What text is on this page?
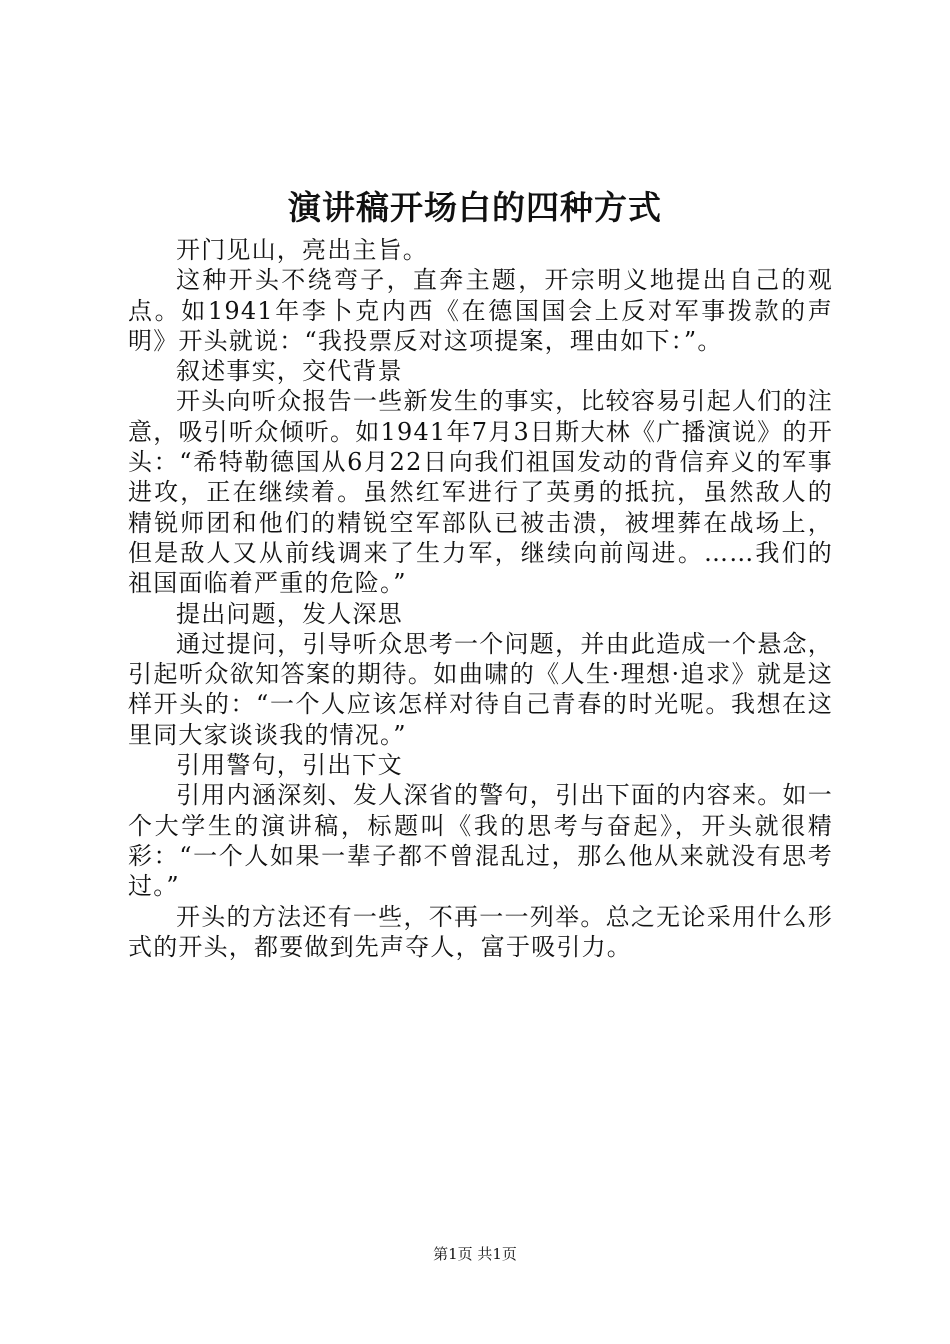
演讲稿开场白的四种方式

开门见山，亮出主旨。

这种开头不绕弯子，直奔主题，开宗明义地提出自己的观点。如1941年李卜克内西《在德国国会上反对军事拨款的声明》开头就说：“我投票反对这项提案，理由如下：”。

叙述事实，交代背景

开头向听众报告一些新发生的事实，比较容易引起人们的注意，吸引听众倾听。如1941年7月3日斯大林《广播演说》的开头：“希特勒德国从6月22日向我们祖国发动的背信弃义的军事进攻，正在继续着。虽然红军进行了英勇的抵抗，虽然敌人的精锐师团和他们的精锐空军部队已被击溃，被埋葬在战场上，但是敌人又从前线调来了生力军，继续向前闯进。……我们的祖国面临着严重的危险。”

提出问题，发人深思

通过提问，引导听众思考一个问题，并由此造成一个悬念，引起听众欲知答案的期待。如曲啸的《人生·理想·追求》就是这样开头的：“一个人应该怎样对待自己青春的时光呢。我想在这里同大家谈谈我的情况。”

引用警句，引出下文

引用内涵深刻、发人深省的警句，引出下面的内容来。如一个大学生的演讲稿，标题叫《我的思考与奋起》，开头就很精彩：“一个人如果一辈子都不曾混乱过，那么他从来就没有思考过。”

开头的方法还有一些，不再一一列举。总之无论采用什么形式的开头，都要做到先声夺人，富于吸引力。

第1页 共1页
